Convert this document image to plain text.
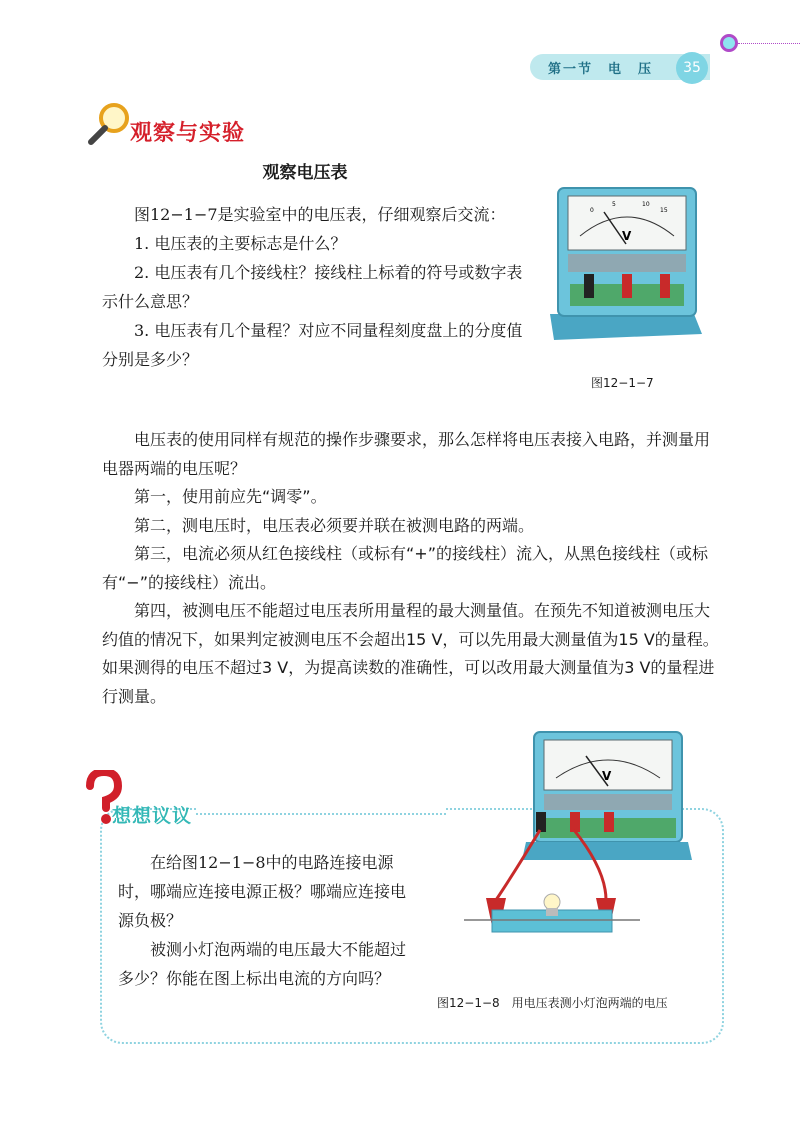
第一节　电　压	35
观察与实验
观察电压表

图12−1−7是实验室中的电压表，仔细观察后交流：

1. 电压表的主要标志是什么？

2. 电压表有几个接线柱？接线柱上标着的符号或数字表示什么意思？

3. 电压表有几个量程？对应不同量程刻度盘上的分度值分别是多少？

0
5	10
15
V
图12−1−7

电压表的使用同样有规范的操作步骤要求，那么怎样将电压表接入电路，并测量用电器两端的电压呢？

第一，使用前应先“调零”。

第二，测电压时，电压表必须要并联在被测电路的两端。

第三，电流必须从红色接线柱（或标有“+”的接线柱）流入，从黑色接线柱（或标有“−”的接线柱）流出。

第四，被测电压不能超过电压表所用量程的最大测量值。在预先不知道被测电压大约值的情况下，如果判定被测电压不会超出15 V，可以先用最大测量值为15 V的量程。如果测得的电压不超过3 V，为提高读数的准确性，可以改用最大测量值为3 V的量程进行测量。

想想议议

在给图12−1−8中的电路连接电源时，哪端应连接电源正极？哪端应连接电源负极？

被测小灯泡两端的电压最大不能超过多少？你能在图上标出电流的方向吗？

V
图12−1−8　用电压表测小灯泡两端的电压
